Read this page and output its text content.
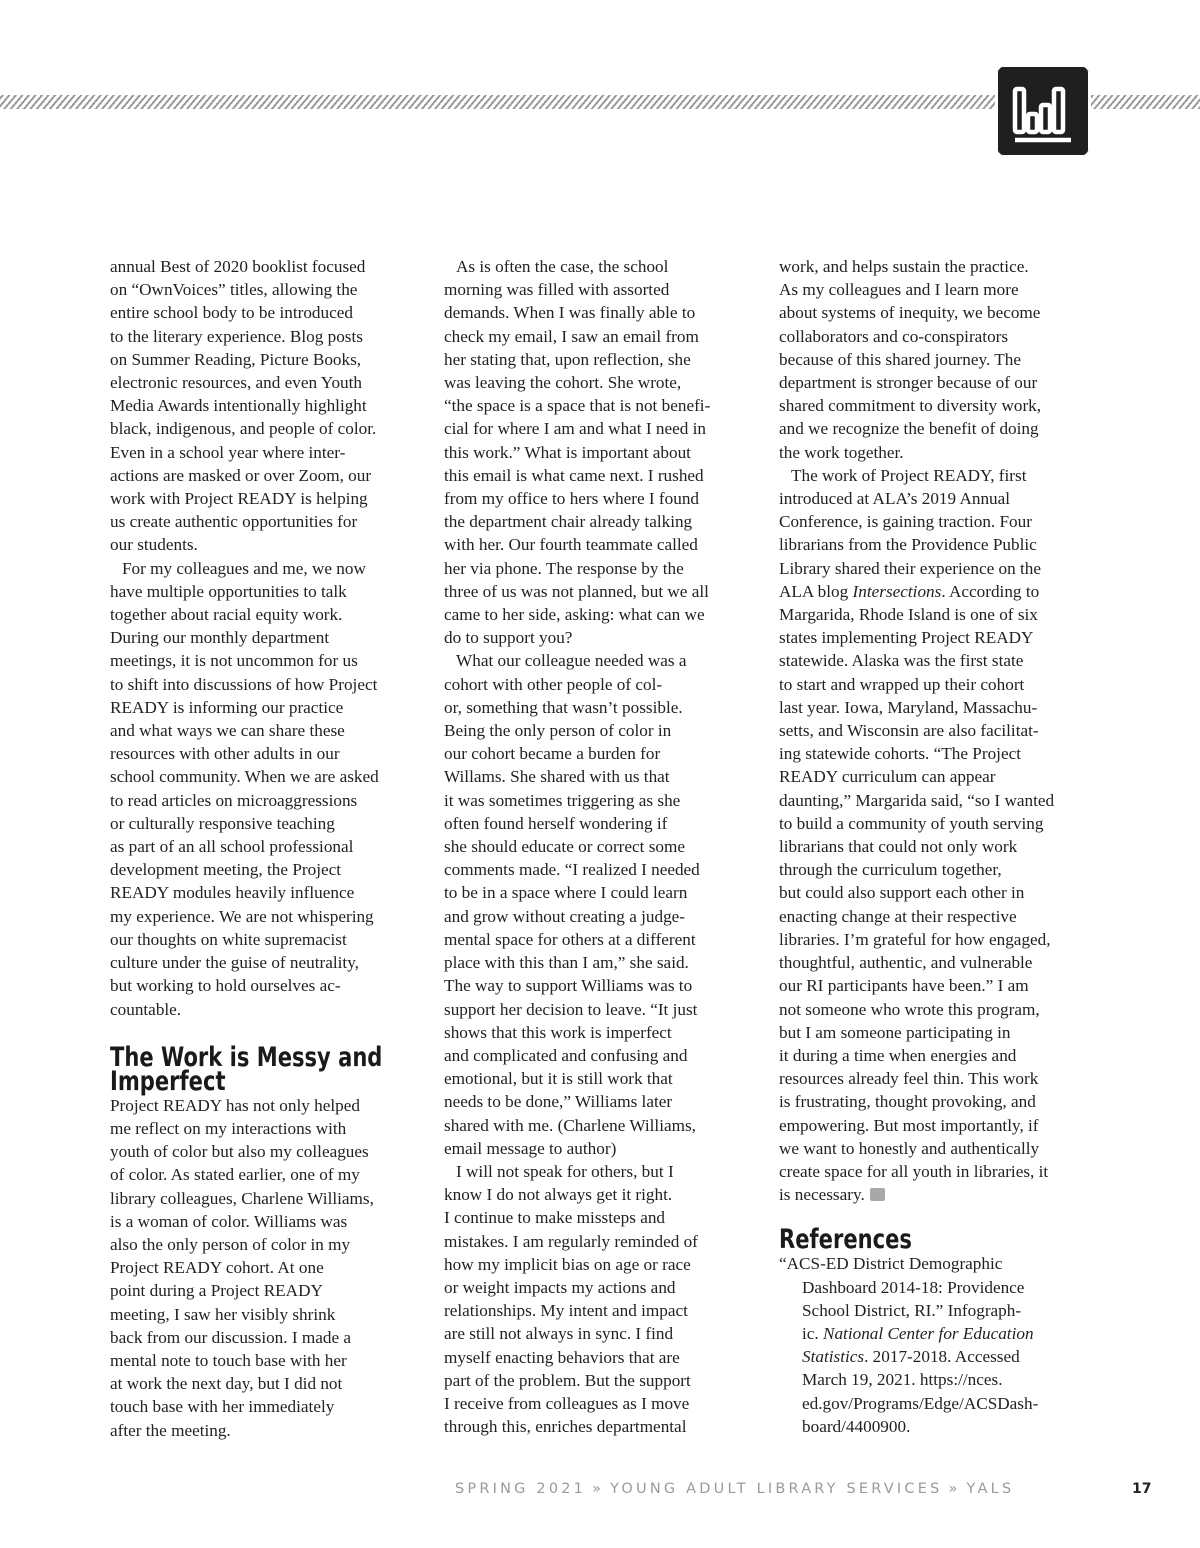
annual Best of 2020 booklist focused
on “OwnVoices” titles, allowing the
entire school body to be introduced
to the literary experience. Blog posts
on Summer Reading, Picture Books,
electronic resources, and even Youth
Media Awards intentionally highlight
black, indigenous, and people of color.
Even in a school year where inter-
actions are masked or over Zoom, our
work with Project READY is helping
us create authentic opportunities for
our students.

For my colleagues and me, we now
have multiple opportunities to talk
together about racial equity work.
During our monthly department
meetings, it is not uncommon for us
to shift into discussions of how Project
READY is informing our practice
and what ways we can share these
resources with other adults in our
school community. When we are asked
to read articles on microaggressions
or culturally responsive teaching
as part of an all school professional
development meeting, the Project
READY modules heavily influence
my experience. We are not whispering
our thoughts on white supremacist
culture under the guise of neutrality,
but working to hold ourselves ac-
countable.

The Work is Messy and
Imperfect

Project READY has not only helped
me reflect on my interactions with
youth of color but also my colleagues
of color. As stated earlier, one of my
library colleagues, Charlene Williams,
is a woman of color. Williams was
also the only person of color in my
Project READY cohort. At one
point during a Project READY
meeting, I saw her visibly shrink
back from our discussion. I made a
mental note to touch base with her
at work the next day, but I did not
touch base with her immediately
after the meeting.

As is often the case, the school
morning was filled with assorted
demands. When I was finally able to
check my email, I saw an email from
her stating that, upon reflection, she
was leaving the cohort. She wrote,
“the space is a space that is not benefi-
cial for where I am and what I need in
this work.” What is important about
this email is what came next. I rushed
from my office to hers where I found
the department chair already talking
with her. Our fourth teammate called
her via phone. The response by the
three of us was not planned, but we all
came to her side, asking: what can we
do to support you?

What our colleague needed was a
cohort with other people of col-
or, something that wasn’t possible.
Being the only person of color in
our cohort became a burden for
Willams. She shared with us that
it was sometimes triggering as she
often found herself wondering if
she should educate or correct some
comments made. “I realized I needed
to be in a space where I could learn
and grow without creating a judge-
mental space for others at a different
place with this than I am,” she said.
The way to support Williams was to
support her decision to leave. “It just
shows that this work is imperfect
and complicated and confusing and
emotional, but it is still work that
needs to be done,” Williams later
shared with me. (Charlene Williams,
email message to author)

I will not speak for others, but I
know I do not always get it right.
I continue to make missteps and
mistakes. I am regularly reminded of
how my implicit bias on age or race
or weight impacts my actions and
relationships. My intent and impact
are still not always in sync. I find
myself enacting behaviors that are
part of the problem. But the support
I receive from colleagues as I move
through this, enriches departmental

work, and helps sustain the practice.
As my colleagues and I learn more
about systems of inequity, we become
collaborators and co-conspirators
because of this shared journey. The
department is stronger because of our
shared commitment to diversity work,
and we recognize the benefit of doing
the work together.

The work of Project READY, first
introduced at ALA’s 2019 Annual
Conference, is gaining traction. Four
librarians from the Providence Public
Library shared their experience on the
ALA blog Intersections. According to
Margarida, Rhode Island is one of six
states implementing Project READY
statewide. Alaska was the first state
to start and wrapped up their cohort
last year. Iowa, Maryland, Massachu-
setts, and Wisconsin are also facilitat-
ing statewide cohorts. “The Project
READY curriculum can appear
daunting,” Margarida said, “so I wanted
to build a community of youth serving
librarians that could not only work
through the curriculum together,
but could also support each other in
enacting change at their respective
libraries. I’m grateful for how engaged,
thoughtful, authentic, and vulnerable
our RI participants have been.” I am
not someone who wrote this program,
but I am someone participating in
it during a time when energies and
resources already feel thin. This work
is frustrating, thought provoking, and
empowering. But most importantly, if
we want to honestly and authentically
create space for all youth in libraries, it
is necessary.

References

“ACS-ED District Demographic
Dashboard 2014-18: Providence
School District, RI.” Infograph-
ic. National Center for Education
Statistics. 2017-2018. Accessed
March 19, 2021. https://nces.
ed.gov/Programs/Edge/ACSDash-
board/4400900.

SPRING 2021 » YOUNG ADULT LIBRARY SERVICES » YALS	17
